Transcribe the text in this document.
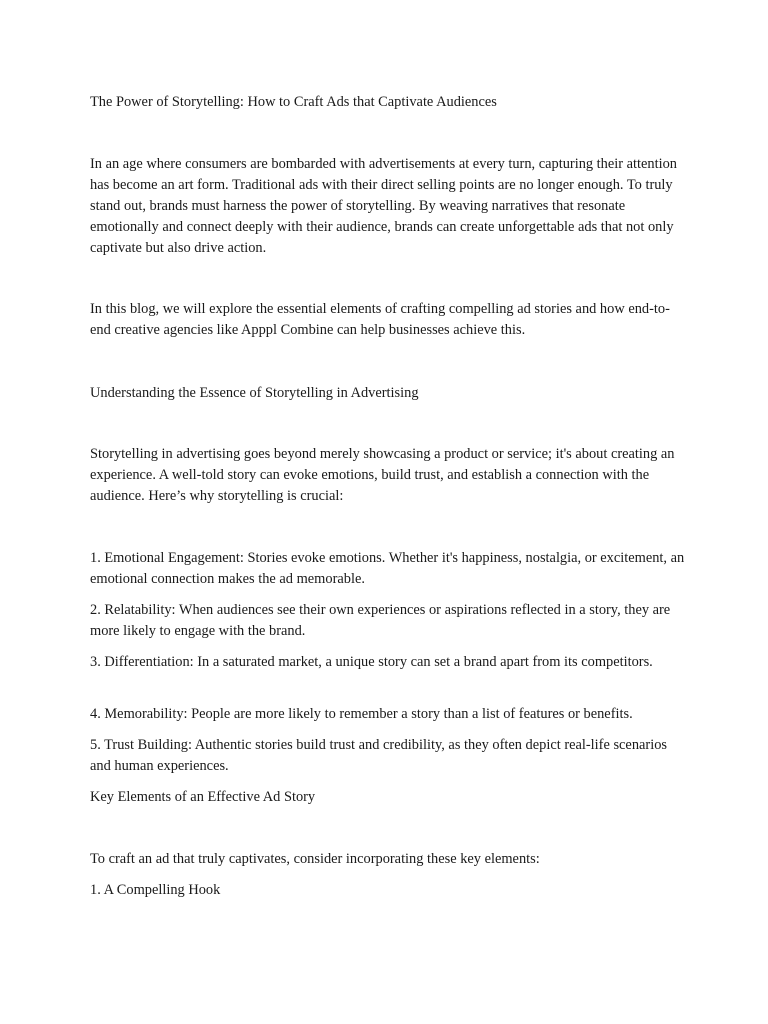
The Power of Storytelling: How to Craft Ads that Captivate Audiences

In an age where consumers are bombarded with advertisements at every turn, capturing their attention has become an art form. Traditional ads with their direct selling points are no longer enough. To truly stand out, brands must harness the power of storytelling. By weaving narratives that resonate emotionally and connect deeply with their audience, brands can create unforgettable ads that not only captivate but also drive action.

In this blog, we will explore the essential elements of crafting compelling ad stories and how end-to-end creative agencies like Apppl Combine can help businesses achieve this.

Understanding the Essence of Storytelling in Advertising

Storytelling in advertising goes beyond merely showcasing a product or service; it's about creating an experience. A well-told story can evoke emotions, build trust, and establish a connection with the audience. Here’s why storytelling is crucial:

1. Emotional Engagement: Stories evoke emotions. Whether it's happiness, nostalgia, or excitement, an emotional connection makes the ad memorable.

2. Relatability: When audiences see their own experiences or aspirations reflected in a story, they are more likely to engage with the brand.

3. Differentiation: In a saturated market, a unique story can set a brand apart from its competitors.

4. Memorability: People are more likely to remember a story than a list of features or benefits.

5. Trust Building: Authentic stories build trust and credibility, as they often depict real-life scenarios and human experiences.

Key Elements of an Effective Ad Story

To craft an ad that truly captivates, consider incorporating these key elements:

1. A Compelling Hook
